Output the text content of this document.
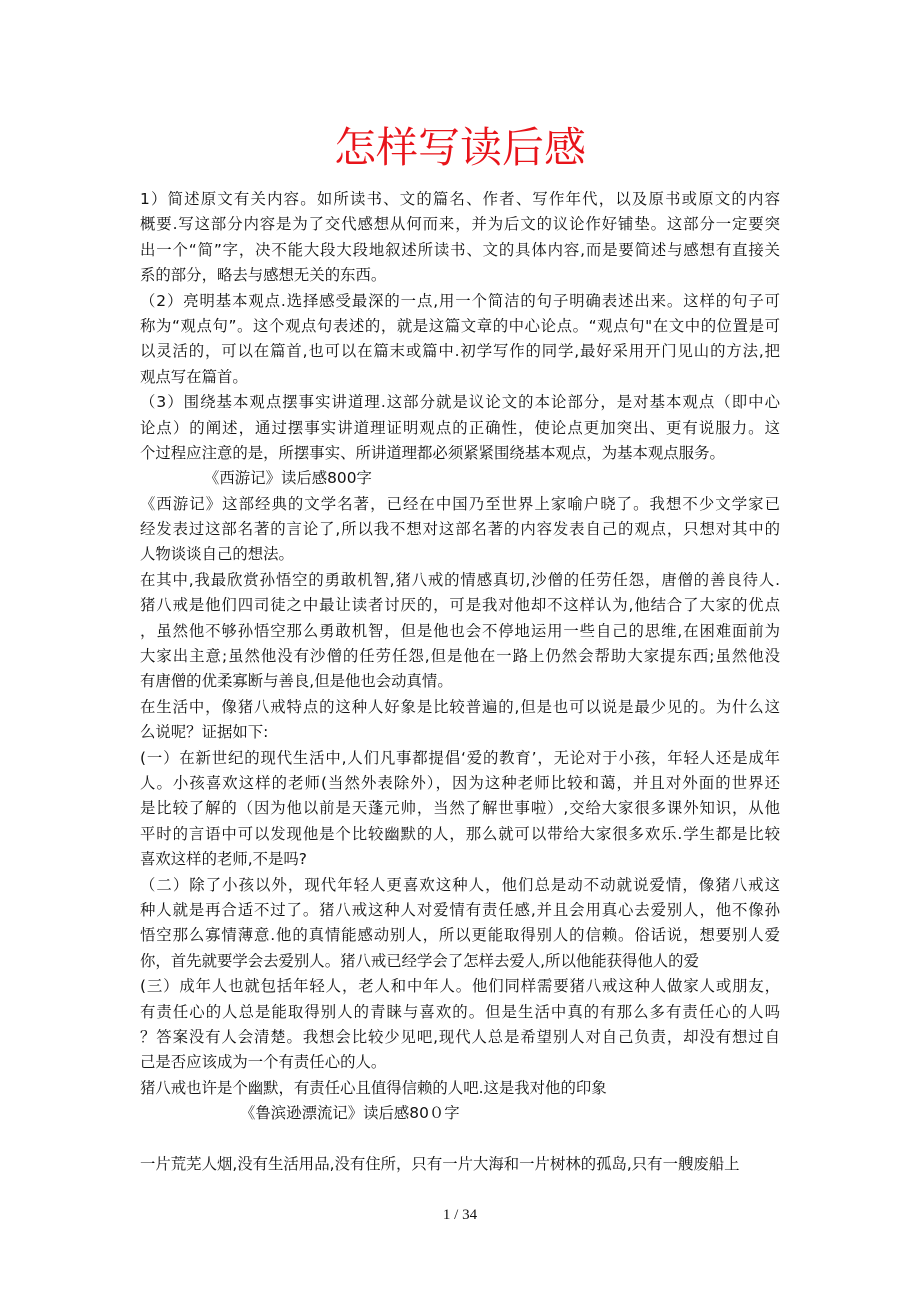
怎样写读后感
1）简述原文有关内容。如所读书、文的篇名、作者、写作年代，以及原书或原文的内容
概要.写这部分内容是为了交代感想从何而来，并为后文的议论作好铺垫。这部分一定要突
出一个“简”字，决不能大段大段地叙述所读书、文的具体内容,而是要简述与感想有直接关
系的部分，略去与感想无关的东西。
（2）亮明基本观点.选择感受最深的一点,用一个简洁的句子明确表述出来。这样的句子可
称为“观点句”。这个观点句表述的，就是这篇文章的中心论点。“观点句"在文中的位置是可
以灵活的，可以在篇首,也可以在篇末或篇中.初学写作的同学,最好采用开门见山的方法,把
观点写在篇首。
（3）围绕基本观点摆事实讲道理.这部分就是议论文的本论部分，是对基本观点（即中心
论点）的阐述，通过摆事实讲道理证明观点的正确性，使论点更加突出、更有说服力。这
个过程应注意的是，所摆事实、所讲道理都必须紧紧围绕基本观点，为基本观点服务。
《西游记》读后感800字
《西游记》这部经典的文学名著，已经在中国乃至世界上家喻户晓了。我想不少文学家已
经发表过这部名著的言论了,所以我不想对这部名著的内容发表自己的观点，只想对其中的
人物谈谈自己的想法。
在其中,我最欣赏孙悟空的勇敢机智,猪八戒的情感真切,沙僧的任劳任怨，唐僧的善良待人.
猪八戒是他们四司徒之中最让读者讨厌的，可是我对他却不这样认为,他结合了大家的优点
，虽然他不够孙悟空那么勇敢机智，但是他也会不停地运用一些自己的思维,在困难面前为
大家出主意;虽然他没有沙僧的任劳任怨,但是他在一路上仍然会帮助大家提东西;虽然他没
有唐僧的优柔寡断与善良,但是他也会动真情。
在生活中，像猪八戒特点的这种人好象是比较普遍的,但是也可以说是最少见的。为什么这
么说呢？证据如下:
(一）在新世纪的现代生活中,人们凡事都提倡‘爱的教育’，无论对于小孩，年轻人还是成年
人。小孩喜欢这样的老师(当然外表除外），因为这种老师比较和蔼，并且对外面的世界还
是比较了解的（因为他以前是天蓬元帅，当然了解世事啦）,交给大家很多课外知识，从他
平时的言语中可以发现他是个比较幽默的人，那么就可以带给大家很多欢乐.学生都是比较
喜欢这样的老师,不是吗?
（二）除了小孩以外，现代年轻人更喜欢这种人，他们总是动不动就说爱情，像猪八戒这
种人就是再合适不过了。猪八戒这种人对爱情有责任感,并且会用真心去爱别人，他不像孙
悟空那么寡情薄意.他的真情能感动别人，所以更能取得别人的信赖。俗话说，想要别人爱
你，首先就要学会去爱别人。猪八戒已经学会了怎样去爱人,所以他能获得他人的爱
(三）成年人也就包括年轻人，老人和中年人。他们同样需要猪八戒这种人做家人或朋友，
有责任心的人总是能取得别人的青睐与喜欢的。但是生活中真的有那么多有责任心的人吗
？答案没有人会清楚。我想会比较少见吧,现代人总是希望别人对自己负责，却没有想过自
己是否应该成为一个有责任心的人。
猪八戒也许是个幽默，有责任心且值得信赖的人吧.这是我对他的印象
《鲁滨逊漂流记》读后感80０字
一片荒芜人烟,没有生活用品,没有住所，只有一片大海和一片树林的孤岛,只有一艘废船上
1 / 34
